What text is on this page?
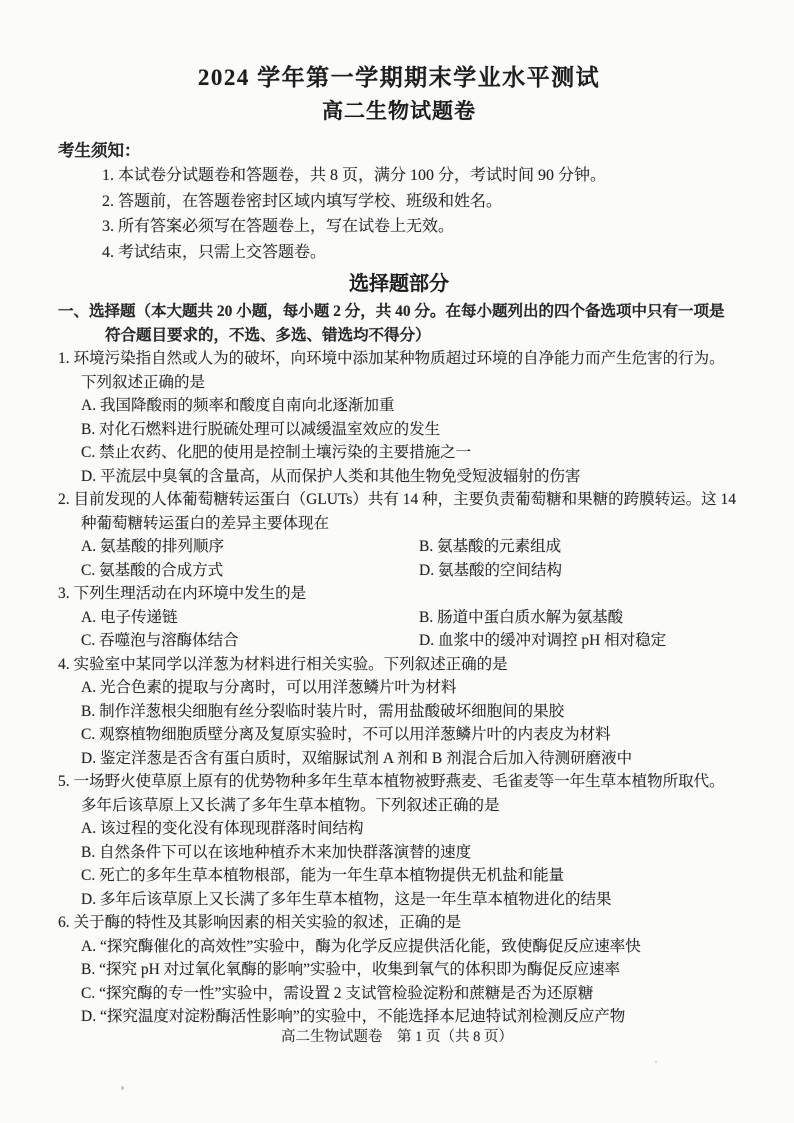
2024 学年第一学期期末学业水平测试
高二生物试题卷

考生须知：

1. 本试卷分试题卷和答题卷，共 8 页，满分 100 分，考试时间 90 分钟。

2. 答题前，在答题卷密封区域内填写学校、班级和姓名。

3. 所有答案必须写在答题卷上，写在试卷上无效。

4. 考试结束，只需上交答题卷。

选择题部分

一、选择题（本大题共 20 小题，每小题 2 分，共 40 分。在每小题列出的四个备选项中只有一项是符合题目要求的，不选、多选、错选均不得分）

1. 环境污染指自然或人为的破坏，向环境中添加某种物质超过环境的自净能力而产生危害的行为。下列叙述正确的是

A. 我国降酸雨的频率和酸度自南向北逐渐加重

B. 对化石燃料进行脱硫处理可以减缓温室效应的发生

C. 禁止农药、化肥的使用是控制土壤污染的主要措施之一

D. 平流层中臭氧的含量高，从而保护人类和其他生物免受短波辐射的伤害

2. 目前发现的人体葡萄糖转运蛋白（GLUTs）共有 14 种，主要负责葡萄糖和果糖的跨膜转运。这 14 种葡萄糖转运蛋白的差异主要体现在

A. 氨基酸的排列顺序	B. 氨基酸的元素组成

C. 氨基酸的合成方式	D. 氨基酸的空间结构

3. 下列生理活动在内环境中发生的是

A. 电子传递链	B. 肠道中蛋白质水解为氨基酸

C. 吞噬泡与溶酶体结合	D. 血浆中的缓冲对调控 pH 相对稳定

4. 实验室中某同学以洋葱为材料进行相关实验。下列叙述正确的是

A. 光合色素的提取与分离时，可以用洋葱鳞片叶为材料

B. 制作洋葱根尖细胞有丝分裂临时装片时，需用盐酸破坏细胞间的果胶

C. 观察植物细胞质壁分离及复原实验时，不可以用洋葱鳞片叶的内表皮为材料

D. 鉴定洋葱是否含有蛋白质时，双缩脲试剂 A 剂和 B 剂混合后加入待测研磨液中

5. 一场野火使草原上原有的优势物种多年生草本植物被野燕麦、毛雀麦等一年生草本植物所取代。多年后该草原上又长满了多年生草本植物。下列叙述正确的是

A. 该过程的变化没有体现现群落时间结构

B. 自然条件下可以在该地种植乔木来加快群落演替的速度

C. 死亡的多年生草本植物根部，能为一年生草本植物提供无机盐和能量

D. 多年后该草原上又长满了多年生草本植物，这是一年生草本植物进化的结果

6. 关于酶的特性及其影响因素的相关实验的叙述，正确的是

A. “探究酶催化的高效性”实验中，酶为化学反应提供活化能，致使酶促反应速率快

B. “探究 pH 对过氧化氧酶的影响”实验中，收集到氧气的体积即为酶促反应速率

C. “探究酶的专一性”实验中，需设置 2 支试管检验淀粉和蔗糖是否为还原糖

D. “探究温度对淀粉酶活性影响”的实验中，不能选择本尼迪特试剂检测反应产物

高二生物试题卷　第 1 页（共 8 页）
